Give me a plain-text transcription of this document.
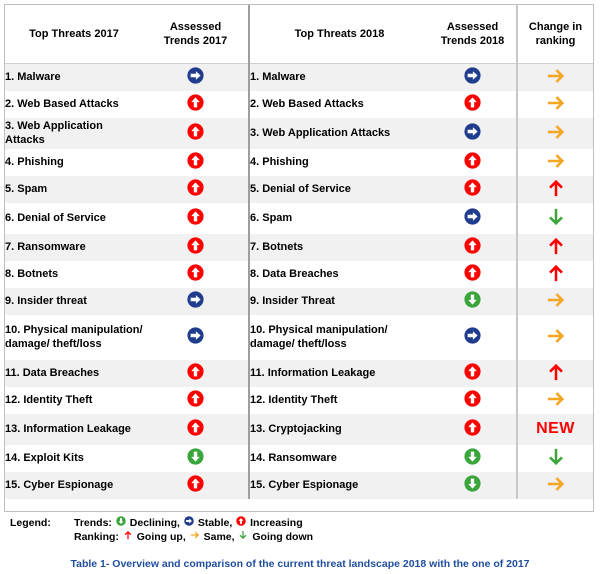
Top Threats 2017	Assessed Trends 2017	Top Threats 2018	Assessed Trends 2018	Change in ranking
1. Malware		1. Malware		
2. Web Based Attacks		2. Web Based Attacks		
3. Web Application Attacks		3. Web Application Attacks		
4. Phishing		4. Phishing		
5. Spam		5. Denial of Service		
6. Denial of Service		6. Spam		
7. Ransomware		7. Botnets		
8. Botnets		8. Data Breaches		
9. Insider threat		9. Insider Threat		
10. Physical manipulation/ damage/ theft/loss		10. Physical manipulation/ damage/ theft/loss		
11. Data Breaches		11. Information Leakage		
12. Identity Theft		12. Identity Theft		
13. Information Leakage		13. Cryptojacking		NEW
14. Exploit Kits		14. Ransomware		
15. Cyber Espionage		15. Cyber Espionage		
Legend: Trends: Declining, Stable, Increasing
Ranking: Going up, Same, Going down
Table 1- Overview and comparison of the current threat landscape 2018 with the one of 2017
